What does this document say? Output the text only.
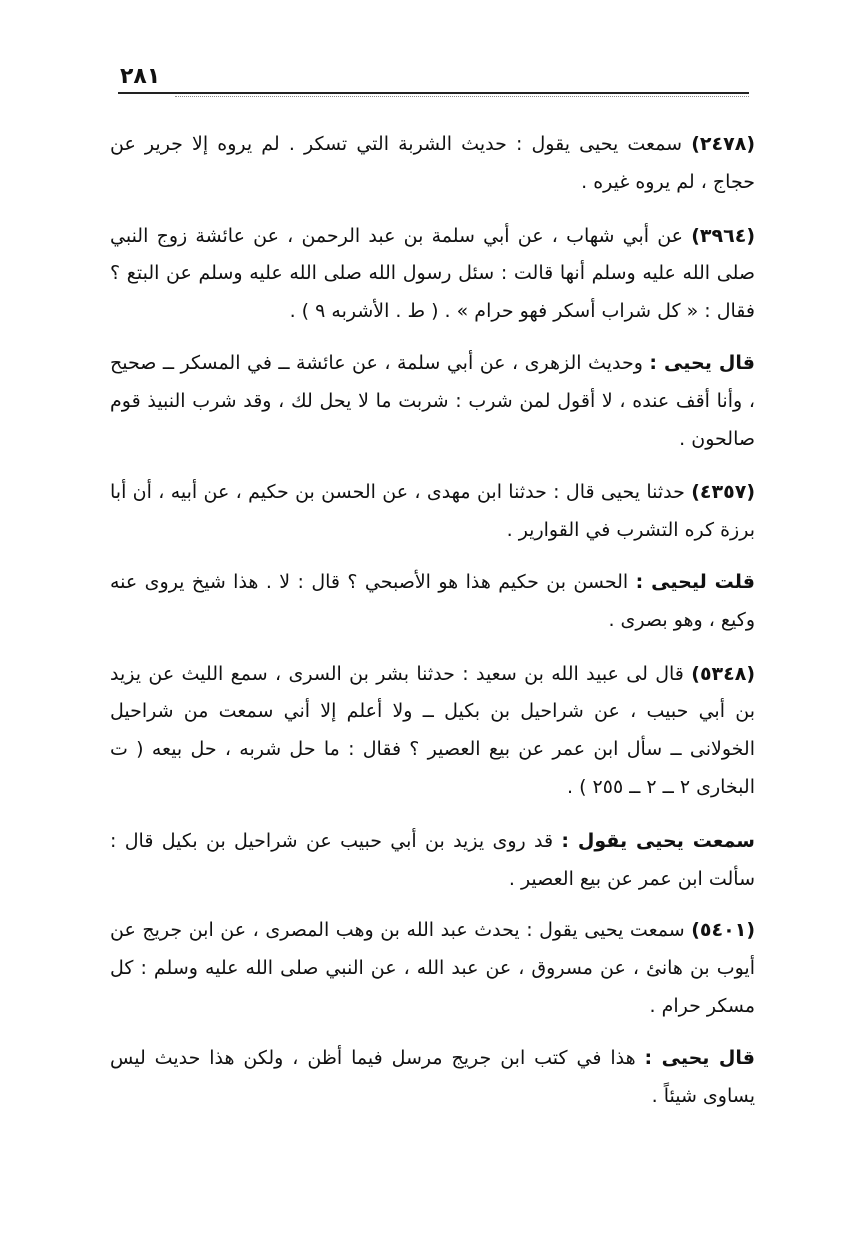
٢٨١

(٢٤٧٨) سمعت يحيى يقول : حديث الشربة التي تسكر . لم يروه إلا جرير عن حجاج ، لم يروه غيره .

(٣٩٦٤) عن أبي شهاب ، عن أبي سلمة بن عبد الرحمن ، عن عائشة زوج النبي صلى الله عليه وسلم أنها قالت : سئل رسول الله صلى الله عليه وسلم عن البتع ؟ فقال : « كل شراب أسكر فهو حرام » . ( ط . الأشربه ٩ ) .

قال يحيى : وحديث الزهرى ، عن أبي سلمة ، عن عائشة ــ في المسكر ــ صحيح ، وأنا أقف عنده ، لا أقول لمن شرب : شربت ما لا يحل لك ، وقد شرب النبيذ قوم صالحون .

(٤٣٥٧) حدثنا يحيى قال : حدثنا ابن مهدى ، عن الحسن بن حكيم ، عن أبيه ، أن أبا برزة كره التشرب في القوارير .

قلت ليحيى : الحسن بن حكيم هذا هو الأصبحي ؟ قال : لا . هذا شيخ يروى عنه وكيع ، وهو بصرى .

(٥٣٤٨) قال لى عبيد الله بن سعيد : حدثنا بشر بن السرى ، سمع الليث عن يزيد بن أبي حبيب ، عن شراحيل بن بكيل ــ ولا أعلم إلا أني سمعت من شراحيل الخولانى ــ سأل ابن عمر عن بيع العصير ؟ فقال : ما حل شربه ، حل بيعه ( ت البخارى ٢ ــ ٢ ــ ٢٥٥ ) .

سمعت يحيى يقول : قد روى يزيد بن أبي حبيب عن شراحيل بن بكيل قال : سألت ابن عمر عن بيع العصير .

(٥٤٠١) سمعت يحيى يقول : يحدث عبد الله بن وهب المصرى ، عن ابن جريج عن أيوب بن هانئ ، عن مسروق ، عن عبد الله ، عن النبي صلى الله عليه وسلم : كل مسكر حرام .

قال يحيى : هذا في كتب ابن جريج مرسل فيما أظن ، ولكن هذا حديث ليس يساوى شيئاً .
